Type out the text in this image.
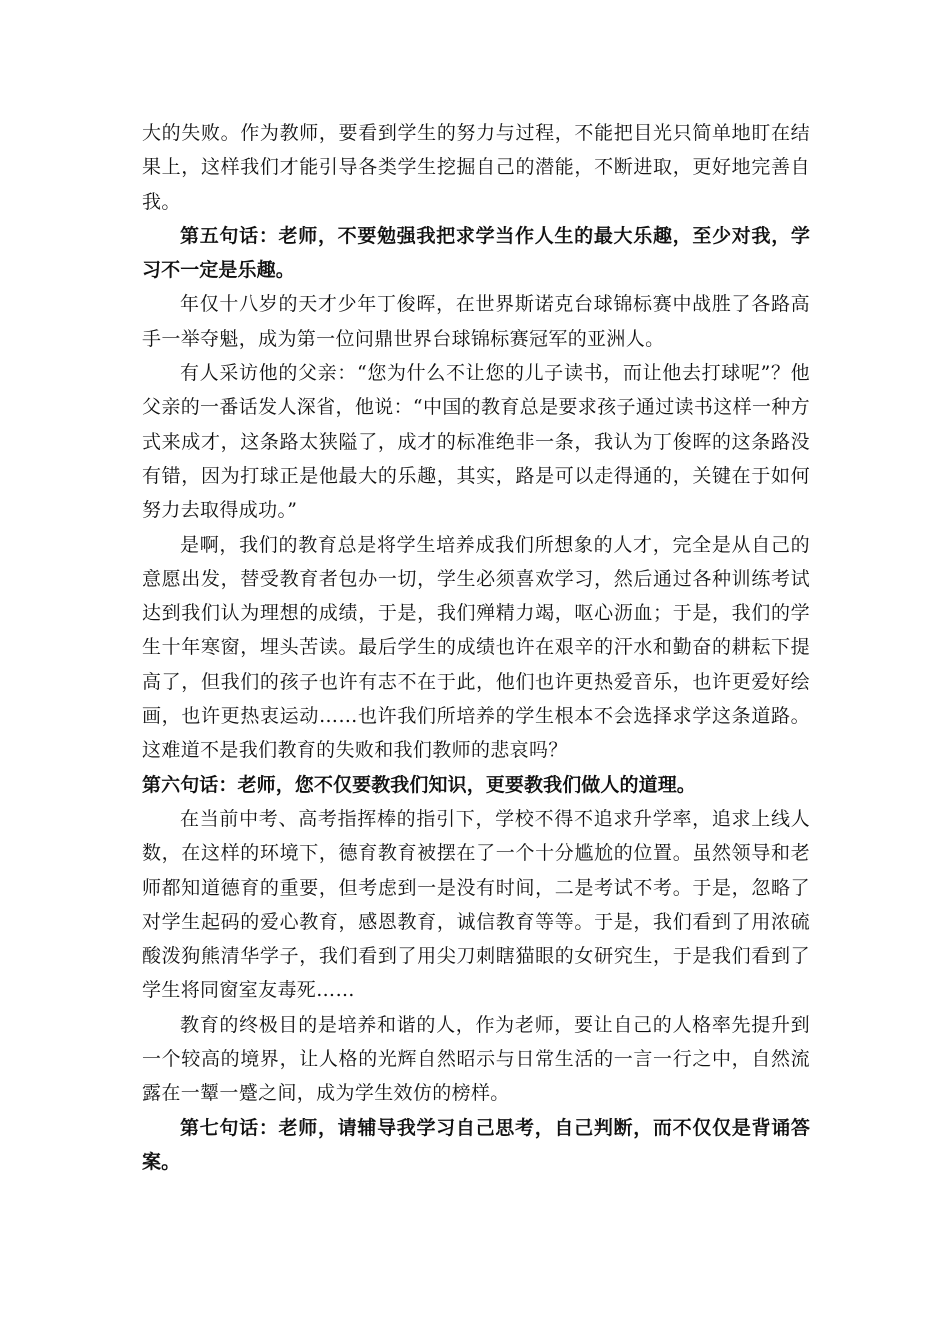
大的失败。作为教师，要看到学生的努力与过程，不能把目光只简单地盯在结果上，这样我们才能引导各类学生挖掘自己的潜能，不断进取，更好地完善自我。

第五句话：老师，不要勉强我把求学当作人生的最大乐趣，至少对我，学习不一定是乐趣。

年仅十八岁的天才少年丁俊晖，在世界斯诺克台球锦标赛中战胜了各路高手一举夺魁，成为第一位问鼎世界台球锦标赛冠军的亚洲人。

有人采访他的父亲：“您为什么不让您的儿子读书，而让他去打球呢”？他父亲的一番话发人深省，他说：“中国的教育总是要求孩子通过读书这样一种方式来成才，这条路太狭隘了，成才的标准绝非一条，我认为丁俊晖的这条路没有错，因为打球正是他最大的乐趣，其实，路是可以走得通的，关键在于如何努力去取得成功。”

是啊，我们的教育总是将学生培养成我们所想象的人才，完全是从自己的意愿出发，替受教育者包办一切，学生必须喜欢学习，然后通过各种训练考试达到我们认为理想的成绩，于是，我们殚精力竭，呕心沥血；于是，我们的学生十年寒窗，埋头苦读。最后学生的成绩也许在艰辛的汗水和勤奋的耕耘下提高了，但我们的孩子也许有志不在于此，他们也许更热爱音乐，也许更爱好绘画，也许更热衷运动……也许我们所培养的学生根本不会选择求学这条道路。这难道不是我们教育的失败和我们教师的悲哀吗？

第六句话：老师，您不仅要教我们知识，更要教我们做人的道理。

在当前中考、高考指挥棒的指引下，学校不得不追求升学率，追求上线人数，在这样的环境下，德育教育被摆在了一个十分尴尬的位置。虽然领导和老师都知道德育的重要，但考虑到一是没有时间，二是考试不考。于是，忽略了对学生起码的爱心教育，感恩教育，诚信教育等等。于是，我们看到了用浓硫酸泼狗熊清华学子，我们看到了用尖刀刺瞎猫眼的女研究生，于是我们看到了学生将同窗室友毒死……

教育的终极目的是培养和谐的人，作为老师，要让自己的人格率先提升到一个较高的境界，让人格的光辉自然昭示与日常生活的一言一行之中，自然流露在一颦一蹙之间，成为学生效仿的榜样。

第七句话：老师，请辅导我学习自己思考，自己判断，而不仅仅是背诵答案。
